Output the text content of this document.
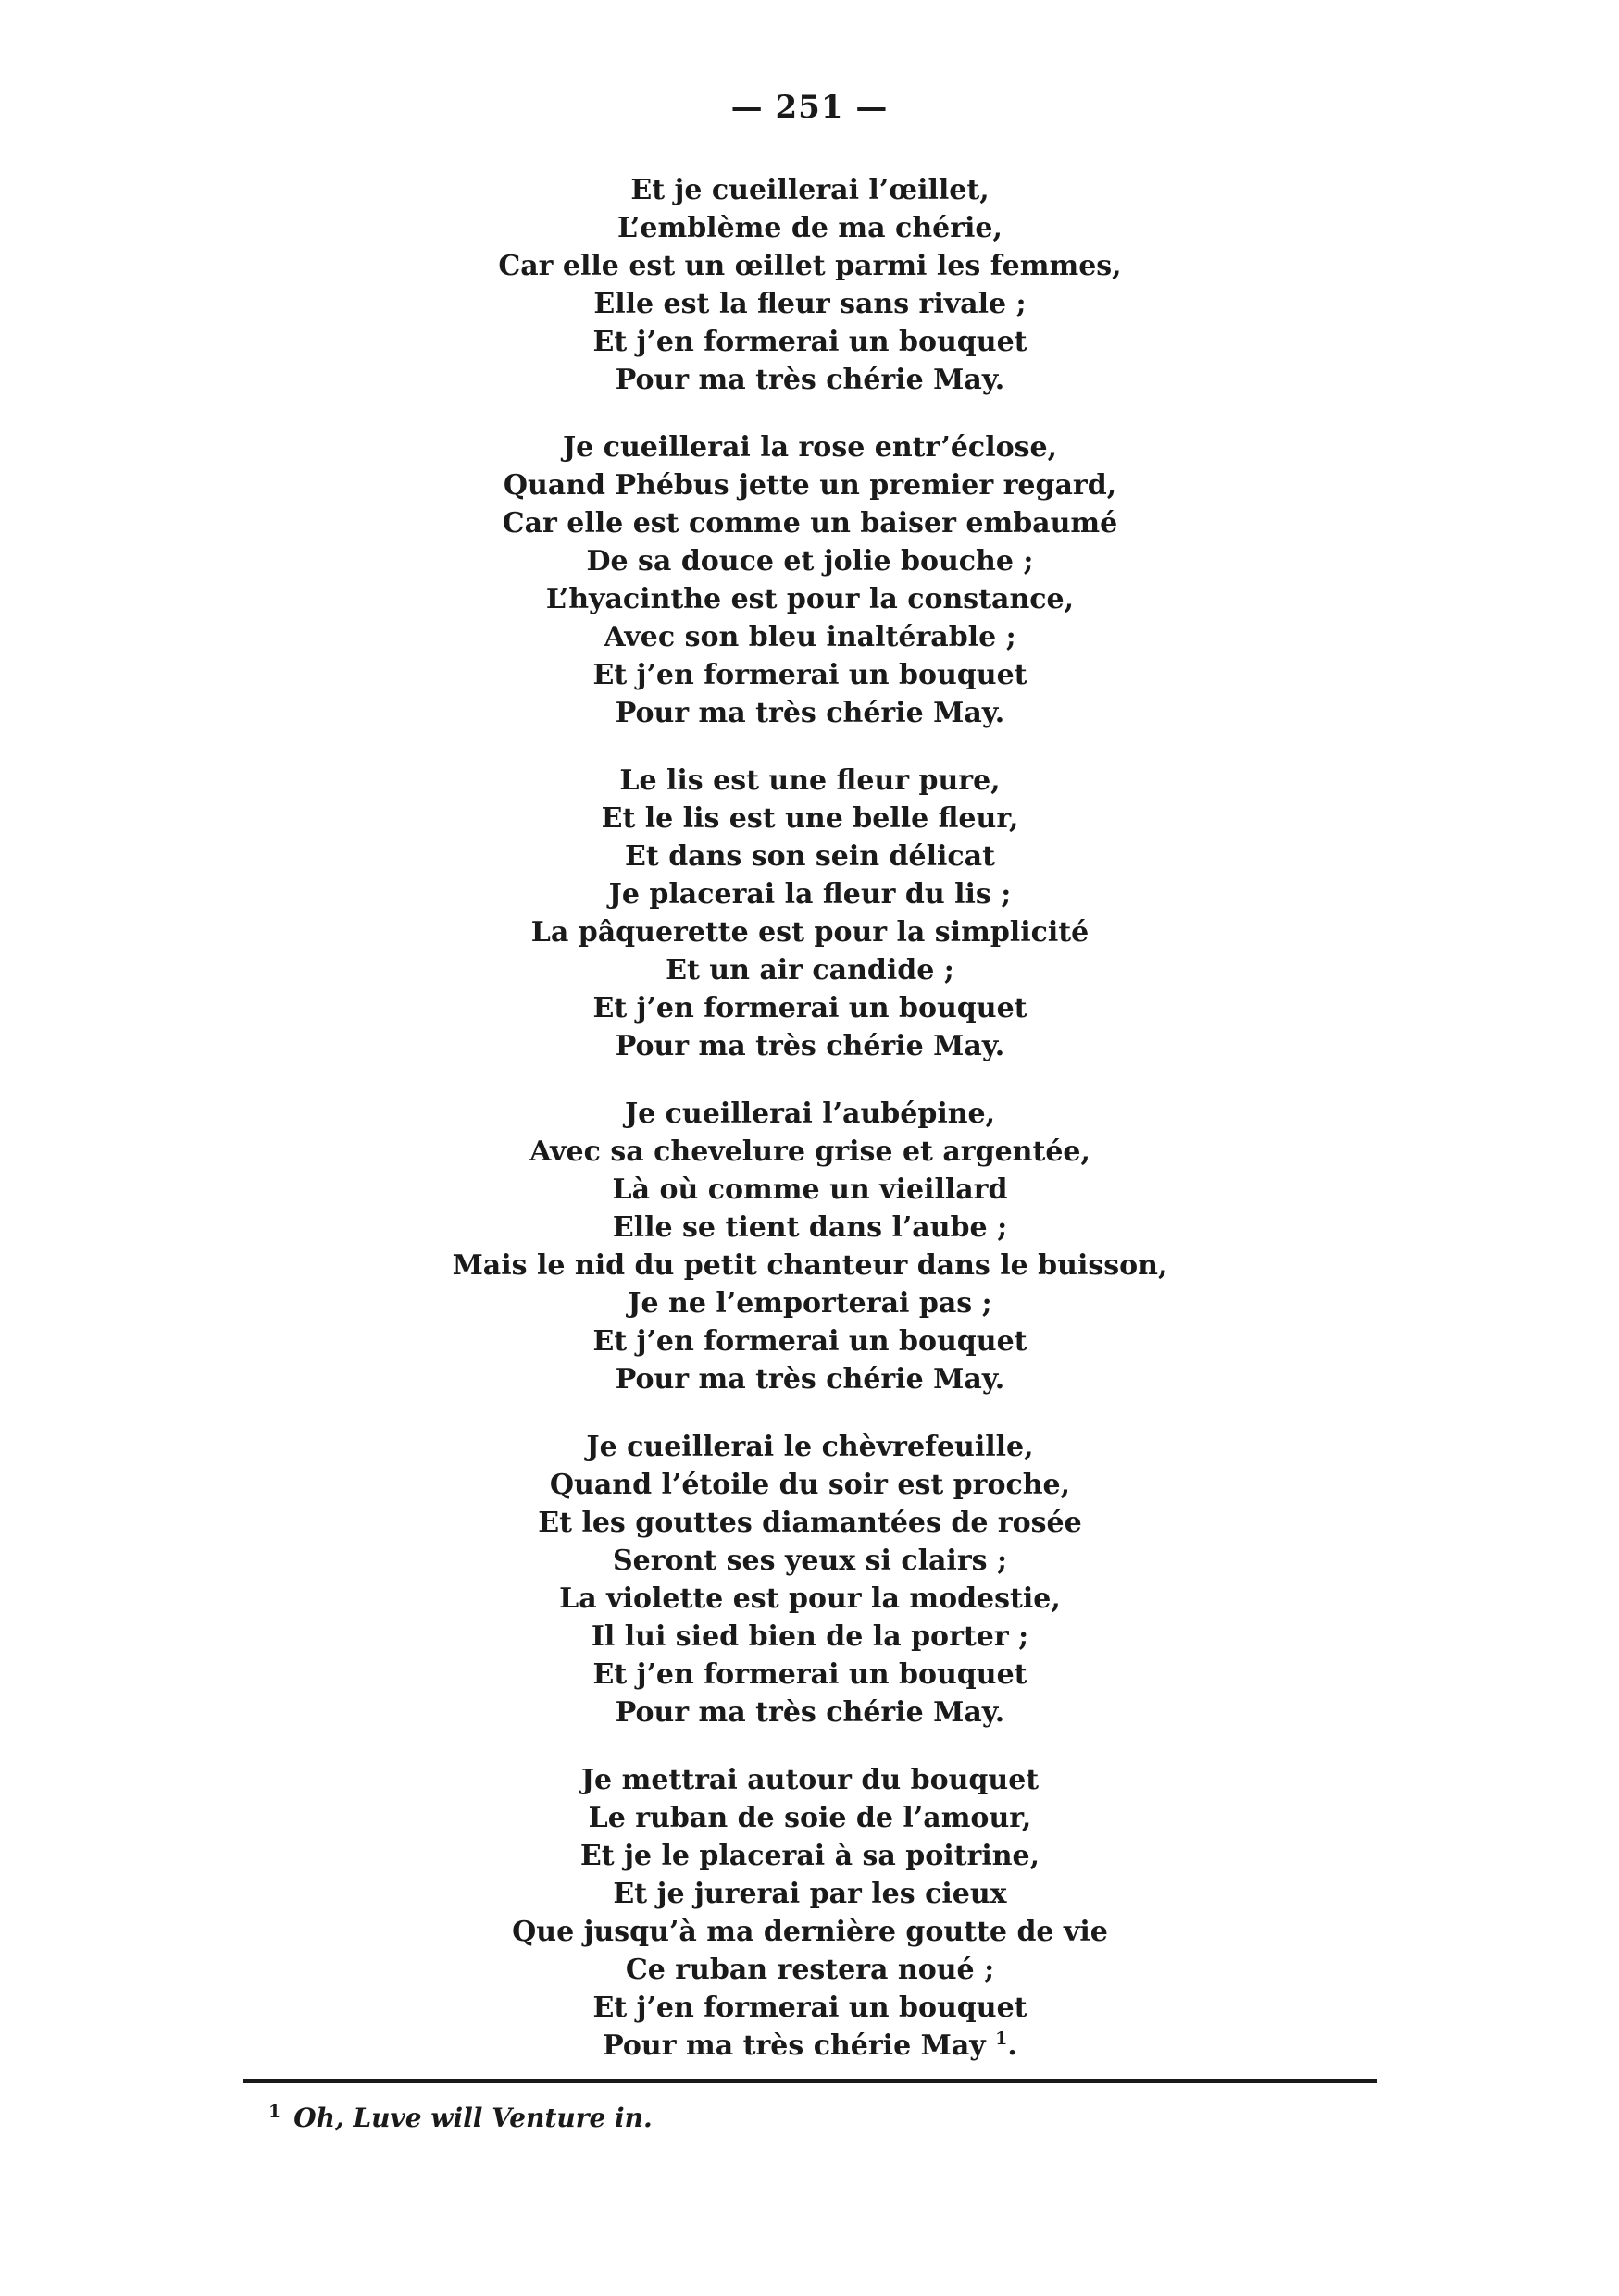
— 251 —
Et je cueillerai l’œillet,
L’emblème de ma chérie,
Car elle est un œillet parmi les femmes,
Elle est la fleur sans rivale ;
Et j’en formerai un bouquet
Pour ma très chérie May.
Je cueillerai la rose entr’éclose,
Quand Phébus jette un premier regard,
Car elle est comme un baiser embaumé
De sa douce et jolie bouche ;
L’hyacinthe est pour la constance,
Avec son bleu inaltérable ;
Et j’en formerai un bouquet
Pour ma très chérie May.
Le lis est une fleur pure,
Et le lis est une belle fleur,
Et dans son sein délicat
Je placerai la fleur du lis ;
La pâquerette est pour la simplicité
Et un air candide ;
Et j’en formerai un bouquet
Pour ma très chérie May.
Je cueillerai l’aubépine,
Avec sa chevelure grise et argentée,
Là où comme un vieillard
Elle se tient dans l’aube ;
Mais le nid du petit chanteur dans le buisson,
Je ne l’emporterai pas ;
Et j’en formerai un bouquet
Pour ma très chérie May.
Je cueillerai le chèvrefeuille,
Quand l’étoile du soir est proche,
Et les gouttes diamantées de rosée
Seront ses yeux si clairs ;
La violette est pour la modestie,
Il lui sied bien de la porter ;
Et j’en formerai un bouquet
Pour ma très chérie May.
Je mettrai autour du bouquet
Le ruban de soie de l’amour,
Et je le placerai à sa poitrine,
Et je jurerai par les cieux
Que jusqu’à ma dernière goutte de vie
Ce ruban restera noué ;
Et j’en formerai un bouquet
Pour ma très chérie May $^1$.
$^1$ Oh, Luve will Venture in.
